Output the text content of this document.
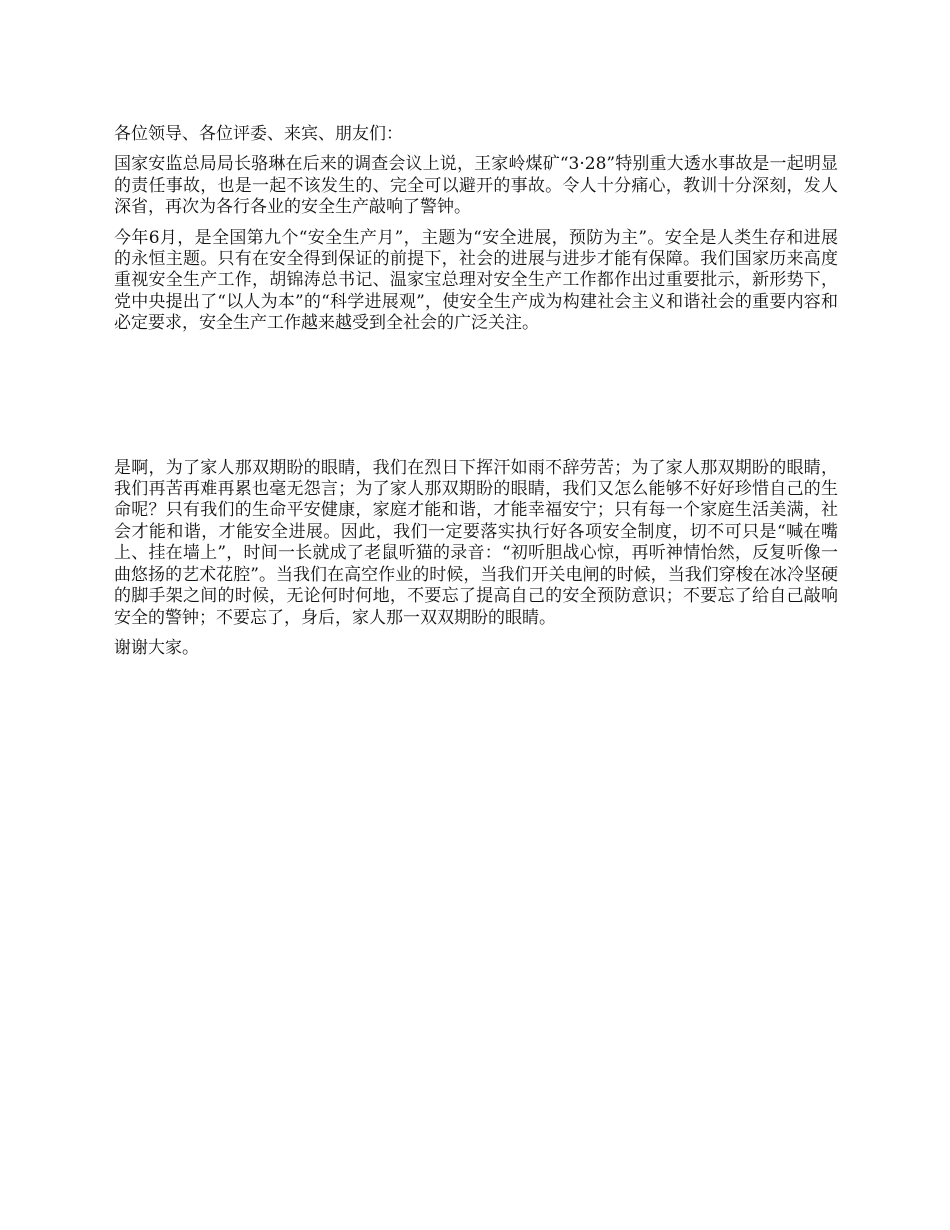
各位领导、各位评委、来宾、朋友们：

国家安监总局局长骆琳在后来的调查会议上说，王家岭煤矿“3·28”特别重大透水事故是一起明显的责任事故，也是一起不该发生的、完全可以避开的事故。令人十分痛心，教训十分深刻，发人深省，再次为各行各业的安全生产敲响了警钟。

今年6月，是全国第九个“安全生产月”，主题为“安全进展，预防为主”。安全是人类生存和进展的永恒主题。只有在安全得到保证的前提下，社会的进展与进步才能有保障。我们国家历来高度重视安全生产工作，胡锦涛总书记、温家宝总理对安全生产工作都作出过重要批示，新形势下，党中央提出了“以人为本”的“科学进展观”，使安全生产成为构建社会主义和谐社会的重要内容和必定要求，安全生产工作越来越受到全社会的广泛关注。

是啊，为了家人那双期盼的眼睛，我们在烈日下挥汗如雨不辞劳苦；为了家人那双期盼的眼睛，我们再苦再难再累也毫无怨言；为了家人那双期盼的眼睛，我们又怎么能够不好好珍惜自己的生命呢？只有我们的生命平安健康，家庭才能和谐，才能幸福安宁；只有每一个家庭生活美满，社会才能和谐，才能安全进展。因此，我们一定要落实执行好各项安全制度，切不可只是“喊在嘴上、挂在墙上”，时间一长就成了老鼠听猫的录音：“初听胆战心惊，再听神情怡然，反复听像一曲悠扬的艺术花腔”。当我们在高空作业的时候，当我们开关电闸的时候，当我们穿梭在冰冷坚硬的脚手架之间的时候，无论何时何地，不要忘了提高自己的安全预防意识；不要忘了给自己敲响安全的警钟；不要忘了，身后，家人那一双双期盼的眼睛。

谢谢大家。
